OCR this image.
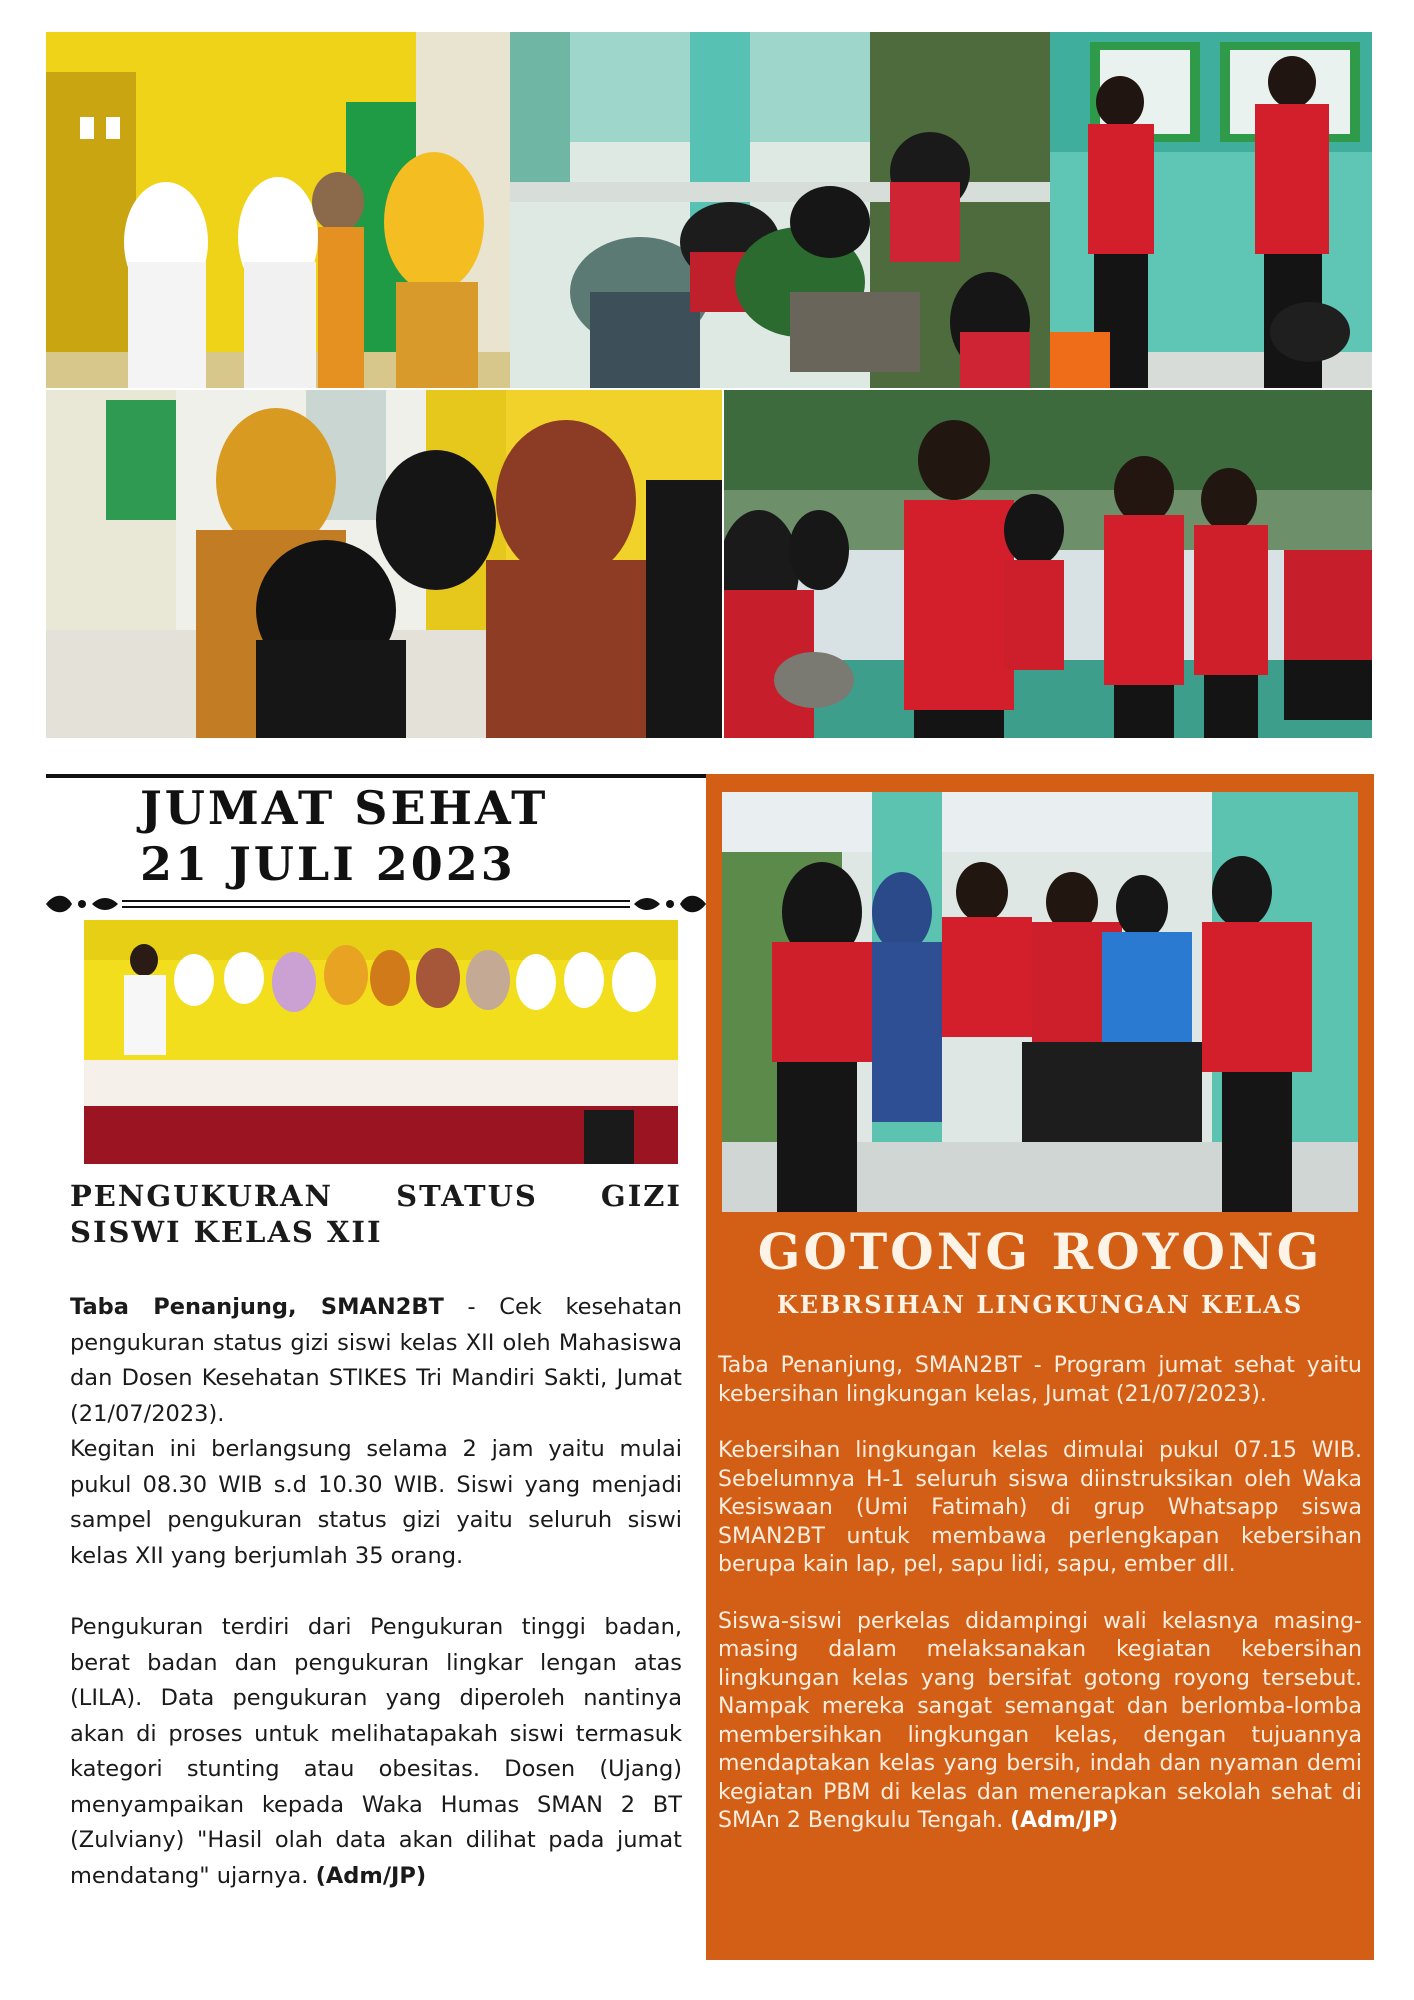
JUMAT SEHAT
21 JULI 2023
PENGUKURAN STATUS GIZI SISWI KELAS XII

Taba Penanjung, SMAN2BT - Cek kesehatan pengukuran status gizi siswi kelas XII oleh Mahasiswa dan Dosen Kesehatan STIKES Tri Mandiri Sakti, Jumat (21/07/2023).

Kegitan ini berlangsung selama 2 jam yaitu mulai pukul 08.30 WIB s.d 10.30 WIB. Siswi yang menjadi sampel pengukuran status gizi yaitu seluruh siswi kelas XII yang berjumlah 35 orang.

Pengukuran terdiri dari Pengukuran tinggi badan, berat badan dan pengukuran lingkar lengan atas (LILA). Data pengukuran yang diperoleh nantinya akan di proses untuk melihatapakah siswi termasuk kategori stunting atau obesitas. Dosen (Ujang) menyampaikan kepada Waka Humas SMAN 2 BT (Zulviany) "Hasil olah data akan dilihat pada jumat mendatang" ujarnya. (Adm/JP)

GOTONG ROYONG
KEBRSIHAN LINGKUNGAN KELAS

Taba Penanjung, SMAN2BT - Program jumat sehat yaitu kebersihan lingkungan kelas, Jumat (21/07/2023).

Kebersihan lingkungan kelas dimulai pukul 07.15 WIB. Sebelumnya H-1 seluruh siswa diinstruksikan oleh Waka Kesiswaan (Umi Fatimah) di grup Whatsapp siswa SMAN2BT untuk membawa perlengkapan kebersihan berupa kain lap, pel, sapu lidi, sapu, ember dll.

Siswa-siswi perkelas didampingi wali kelasnya masing-masing dalam melaksanakan kegiatan kebersihan lingkungan kelas yang bersifat gotong royong tersebut. Nampak mereka sangat semangat dan berlomba-lomba membersihkan lingkungan kelas, dengan tujuannya mendaptakan kelas yang bersih, indah dan nyaman demi kegiatan PBM di kelas dan menerapkan sekolah sehat di SMAn 2 Bengkulu Tengah. (Adm/JP)
